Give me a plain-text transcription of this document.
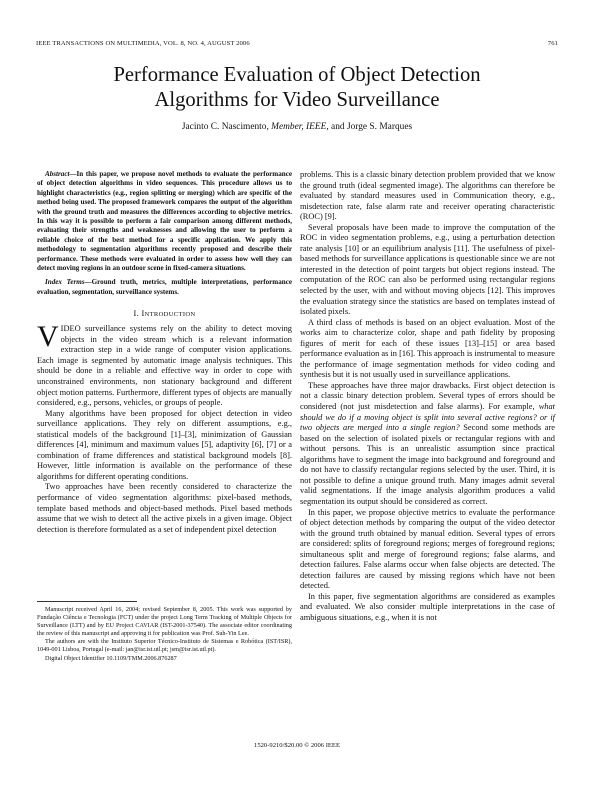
IEEE TRANSACTIONS ON MULTIMEDIA, VOL. 8, NO. 4, AUGUST 2006	761
Performance Evaluation of Object Detection
Algorithms for Video Surveillance
Jacinto C. Nascimento, Member, IEEE, and Jorge S. Marques

Abstract—In this paper, we propose novel methods to evaluate the performance of object detection algorithms in video sequences. This procedure allows us to highlight characteristics (e.g., region splitting or merging) which are specific of the method being used. The proposed framework compares the output of the algorithm with the ground truth and measures the differences according to objective metrics. In this way it is possible to perform a fair comparison among different methods, evaluating their strengths and weaknesses and allowing the user to perform a reliable choice of the best method for a specific application. We apply this methodology to segmentation algorithms recently proposed and describe their performance. These methods were evaluated in order to assess how well they can detect moving regions in an outdoor scene in fixed-camera situations.

Index Terms—Ground truth, metrics, multiple interpretations, performance evaluation, segmentation, surveillance systems.

I. INTRODUCTION

VIDEO surveillance systems rely on the ability to detect moving objects in the video stream which is a relevant information extraction step in a wide range of computer vision applications. Each image is segmented by automatic image analysis techniques. This should be done in a reliable and effective way in order to cope with unconstrained environments, non stationary background and different object motion patterns. Furthermore, different types of objects are manually considered, e.g., persons, vehicles, or groups of people.

Many algorithms have been proposed for object detection in video surveillance applications. They rely on different assumptions, e.g., statistical models of the background [1]–[3], minimization of Gaussian differences [4], minimum and maximum values [5], adaptivity [6], [7] or a combination of frame differences and statistical background models [8]. However, little information is available on the performance of these algorithms for different operating conditions.

Two approaches have been recently considered to characterize the performance of video segmentation algorithms: pixel-based methods, template based methods and object-based methods. Pixel based methods assume that we wish to detect all the active pixels in a given image. Object detection is therefore formulated as a set of independent pixel detection

Manuscript received April 16, 2004; revised September 8, 2005. This work was supported by Fundação Ciência e Tecnologia (FCT) under the project Long Term Tracking of Multiple Objects for Surveillance (LTT) and by EU Project CAVIAR (IST-2001-37540). The associate editor coordinating the review of this manuscript and approving it for publication was Prof. Suh-Yin Lee.

The authors are with the Instituto Superior Técnico-Instituto de Sistemas e Robótica (IST/ISR), 1049-001 Lisboa, Portugal (e-mail: jan@isr.ist.utl.pt; jsm@isr.ist.utl.pt).

Digital Object Identifier 10.1109/TMM.2006.876287

problems. This is a classic binary detection problem provided that we know the ground truth (ideal segmented image). The algorithms can therefore be evaluated by standard measures used in Communication theory, e.g., misdetection rate, false alarm rate and receiver operating characteristic (ROC) [9].

Several proposals have been made to improve the computation of the ROC in video segmentation problems, e.g., using a perturbation detection rate analysis [10] or an equilibrium analysis [11]. The usefulness of pixel-based methods for surveillance applications is questionable since we are not interested in the detection of point targets but object regions instead. The computation of the ROC can also be performed using rectangular regions selected by the user, with and without moving objects [12]. This improves the evaluation strategy since the statistics are based on templates instead of isolated pixels.

A third class of methods is based on an object evaluation. Most of the works aim to characterize color, shape and path fidelity by proposing figures of merit for each of these issues [13]–[15] or area based performance evaluation as in [16]. This approach is instrumental to measure the performance of image segmentation methods for video coding and synthesis but it is not usually used in surveillance applications.

These approaches have three major drawbacks. First object detection is not a classic binary detection problem. Several types of errors should be considered (not just misdetection and false alarms). For example, what should we do if a moving object is split into several active regions? or if two objects are merged into a single region? Second some methods are based on the selection of isolated pixels or rectangular regions with and without persons. This is an unrealistic assumption since practical algorithms have to segment the image into background and foreground and do not have to classify rectangular regions selected by the user. Third, it is not possible to define a unique ground truth. Many images admit several valid segmentations. If the image analysis algorithm produces a valid segmentation its output should be considered as correct.

In this paper, we propose objective metrics to evaluate the performance of object detection methods by comparing the output of the video detector with the ground truth obtained by manual edition. Several types of errors are considered: splits of foreground regions; merges of foreground regions; simultaneous split and merge of foreground regions; false alarms, and detection failures. False alarms occur when false objects are detected. The detection failures are caused by missing regions which have not been detected.

In this paper, five segmentation algorithms are considered as examples and evaluated. We also consider multiple interpretations in the case of ambiguous situations, e.g., when it is not

1520-9210/$20.00 © 2006 IEEE
